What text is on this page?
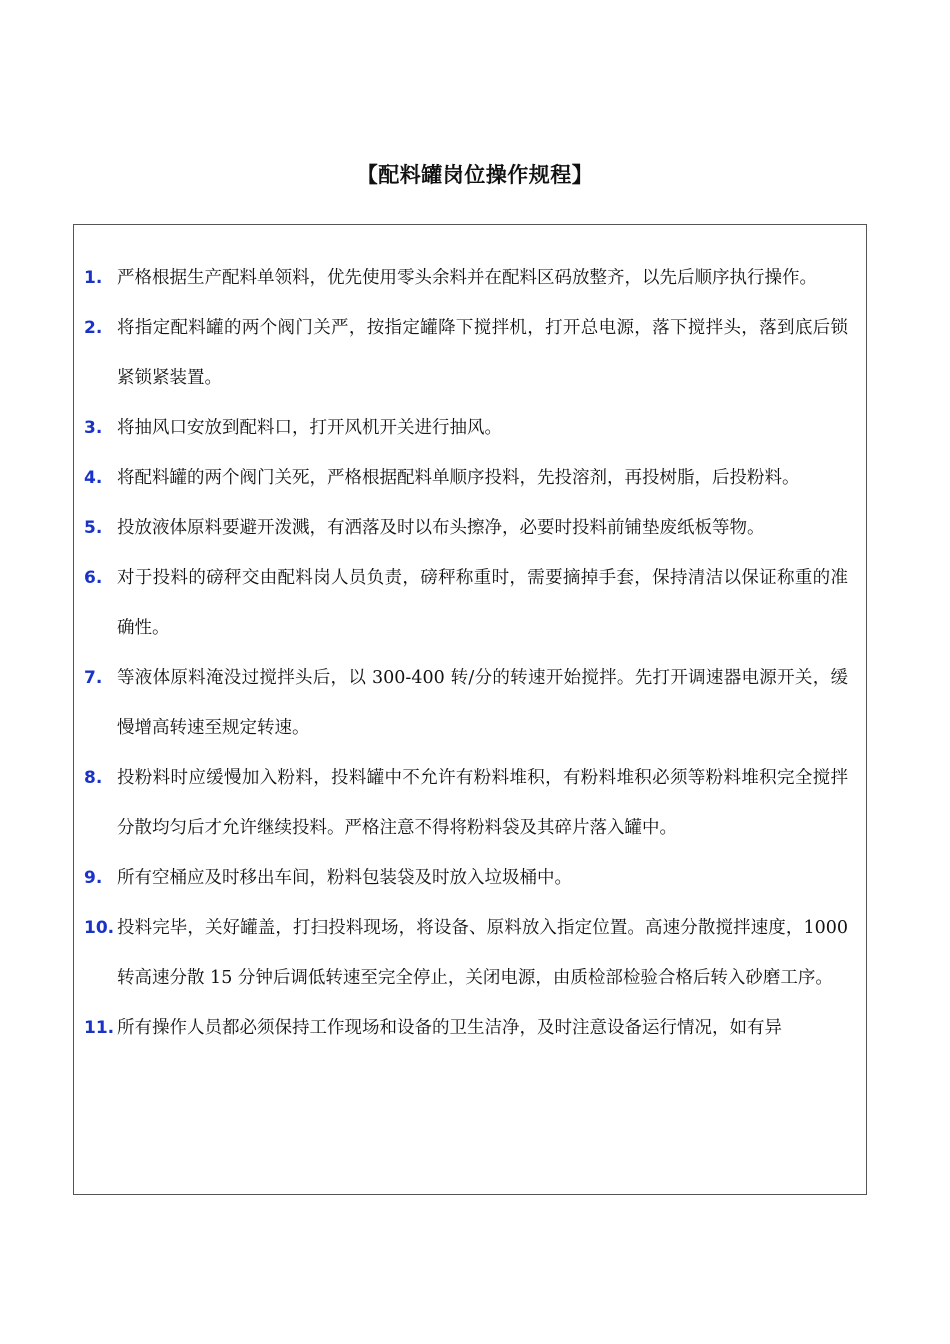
【配料罐岗位操作规程】
1. 严格根据生产配料单领料，优先使用零头余料并在配料区码放整齐，以先后顺序执行操作。
2. 将指定配料罐的两个阀门关严，按指定罐降下搅拌机，打开总电源，落下搅拌头，落到底后锁紧锁紧装置。
3. 将抽风口安放到配料口，打开风机开关进行抽风。
4. 将配料罐的两个阀门关死，严格根据配料单顺序投料，先投溶剂，再投树脂，后投粉料。
5. 投放液体原料要避开泼溅，有洒落及时以布头擦净，必要时投料前铺垫废纸板等物。
6. 对于投料的磅秤交由配料岗人员负责，磅秤称重时，需要摘掉手套，保持清洁以保证称重的准确性。
7. 等液体原料淹没过搅拌头后，以 300-400 转/分的转速开始搅拌。先打开调速器电源开关，缓慢增高转速至规定转速。
8. 投粉料时应缓慢加入粉料，投料罐中不允许有粉料堆积，有粉料堆积必须等粉料堆积完全搅拌分散均匀后才允许继续投料。严格注意不得将粉料袋及其碎片落入罐中。
9. 所有空桶应及时移出车间，粉料包装袋及时放入垃圾桶中。
10. 投料完毕，关好罐盖，打扫投料现场，将设备、原料放入指定位置。高速分散搅拌速度，1000 转高速分散 15 分钟后调低转速至完全停止，关闭电源，由质检部检验合格后转入砂磨工序。
11. 所有操作人员都必须保持工作现场和设备的卫生洁净，及时注意设备运行情况，如有异
